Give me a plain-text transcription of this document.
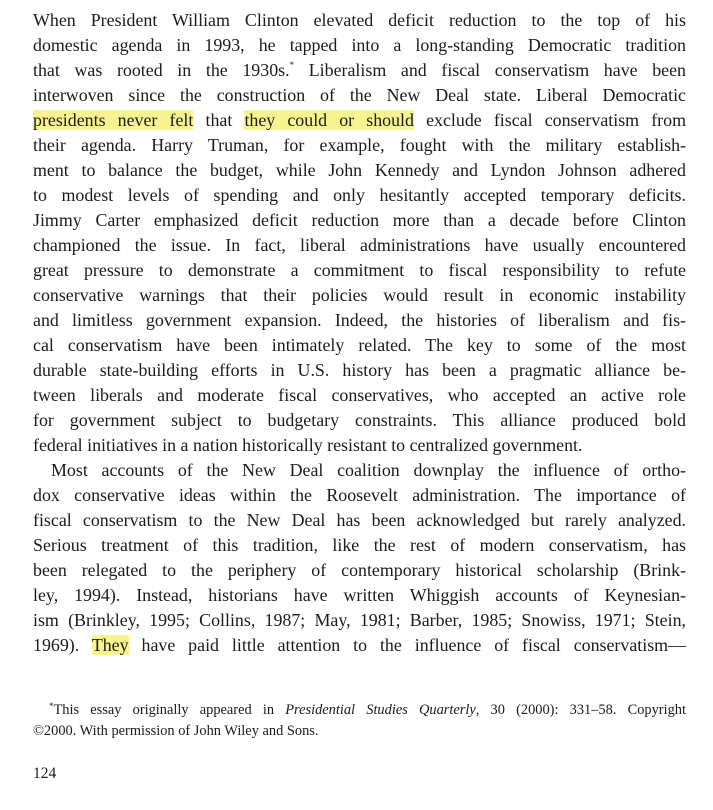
When President William Clinton elevated deficit reduction to the top of his
domestic agenda in 1993, he tapped into a long-standing Democratic tradition
that was rooted in the 1930s.* Liberalism and fiscal conservatism have been
interwoven since the construction of the New Deal state. Liberal Democratic
presidents never felt that they could or should exclude fiscal conservatism from
their agenda. Harry Truman, for example, fought with the military establish-
ment to balance the budget, while John Kennedy and Lyndon Johnson adhered
to modest levels of spending and only hesitantly accepted temporary deficits.
Jimmy Carter emphasized deficit reduction more than a decade before Clinton
championed the issue. In fact, liberal administrations have usually encountered
great pressure to demonstrate a commitment to fiscal responsibility to refute
conservative warnings that their policies would result in economic instability
and limitless government expansion. Indeed, the histories of liberalism and fis-
cal conservatism have been intimately related. The key to some of the most
durable state-building efforts in U.S. history has been a pragmatic alliance be-
tween liberals and moderate fiscal conservatives, who accepted an active role
for government subject to budgetary constraints. This alliance produced bold
federal initiatives in a nation historically resistant to centralized government.
Most accounts of the New Deal coalition downplay the influence of ortho-
dox conservative ideas within the Roosevelt administration. The importance of
fiscal conservatism to the New Deal has been acknowledged but rarely analyzed.
Serious treatment of this tradition, like the rest of modern conservatism, has
been relegated to the periphery of contemporary historical scholarship (Brink-
ley, 1994). Instead, historians have written Whiggish accounts of Keynesian-
ism (Brinkley, 1995; Collins, 1987; May, 1981; Barber, 1985; Snowiss, 1971; Stein,
1969). They have paid little attention to the influence of fiscal conservatism—
*This essay originally appeared in Presidential Studies Quarterly, 30 (2000): 331–58. Copyright
©2000. With permission of John Wiley and Sons.
124
